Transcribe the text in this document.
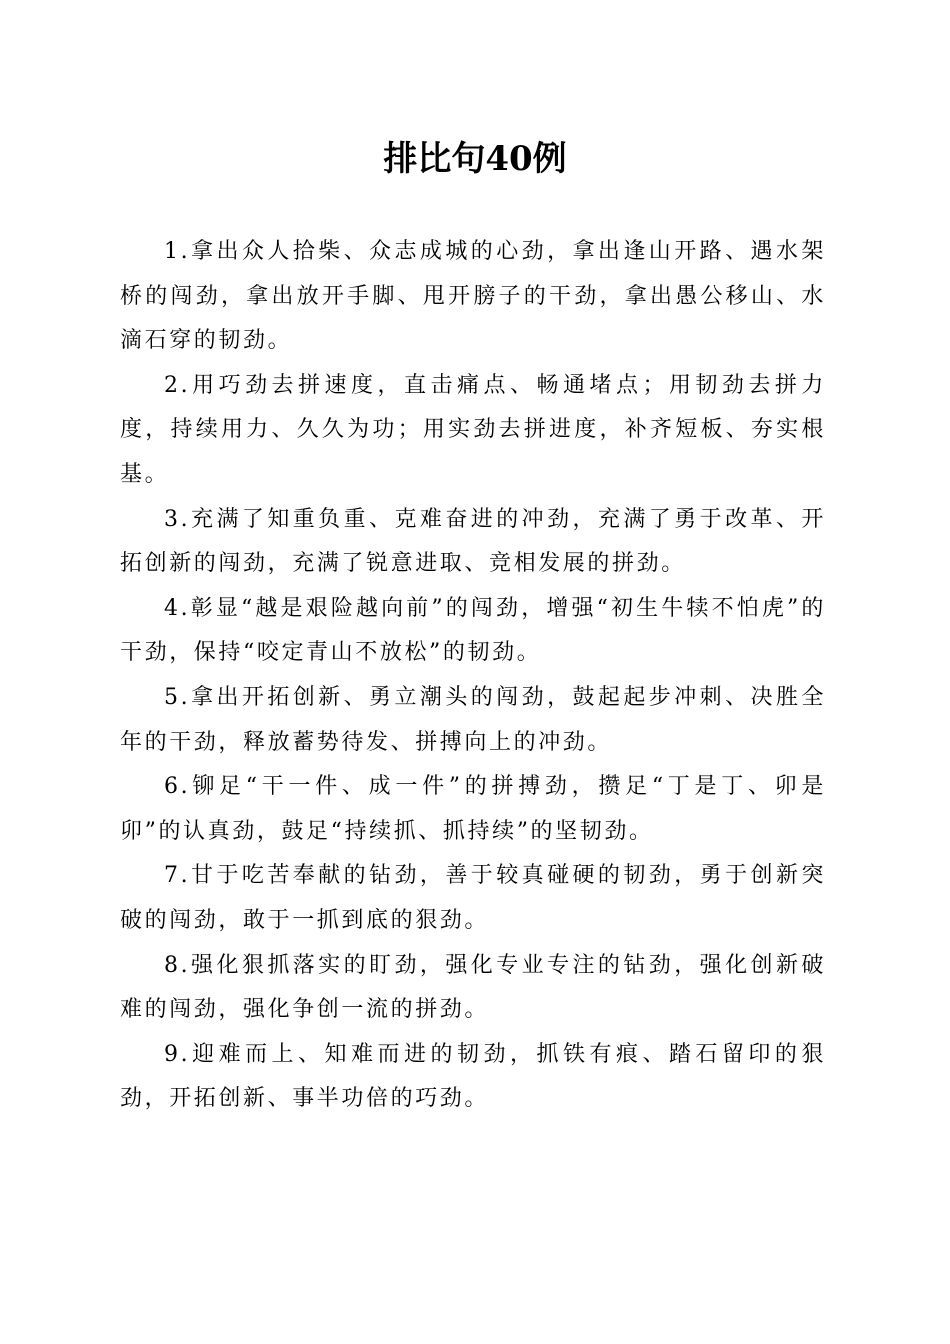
排比句40例

1.拿出众人拾柴、众志成城的心劲，拿出逢山开路、遇水架桥的闯劲，拿出放开手脚、甩开膀子的干劲，拿出愚公移山、水滴石穿的韧劲。

2.用巧劲去拼速度，直击痛点、畅通堵点；用韧劲去拼力度，持续用力、久久为功；用实劲去拼进度，补齐短板、夯实根基。

3.充满了知重负重、克难奋进的冲劲，充满了勇于改革、开拓创新的闯劲，充满了锐意进取、竞相发展的拼劲。

4.彰显“越是艰险越向前”的闯劲，增强“初生牛犊不怕虎”的干劲，保持“咬定青山不放松”的韧劲。

5.拿出开拓创新、勇立潮头的闯劲，鼓起起步冲刺、决胜全年的干劲，释放蓄势待发、拼搏向上的冲劲。

6.铆足“干一件、成一件”的拼搏劲，攒足“丁是丁、卯是卯”的认真劲，鼓足“持续抓、抓持续”的坚韧劲。

7.甘于吃苦奉献的钻劲，善于较真碰硬的韧劲，勇于创新突破的闯劲，敢于一抓到底的狠劲。

8.强化狠抓落实的盯劲，强化专业专注的钻劲，强化创新破难的闯劲，强化争创一流的拼劲。

9.迎难而上、知难而进的韧劲，抓铁有痕、踏石留印的狠劲，开拓创新、事半功倍的巧劲。
